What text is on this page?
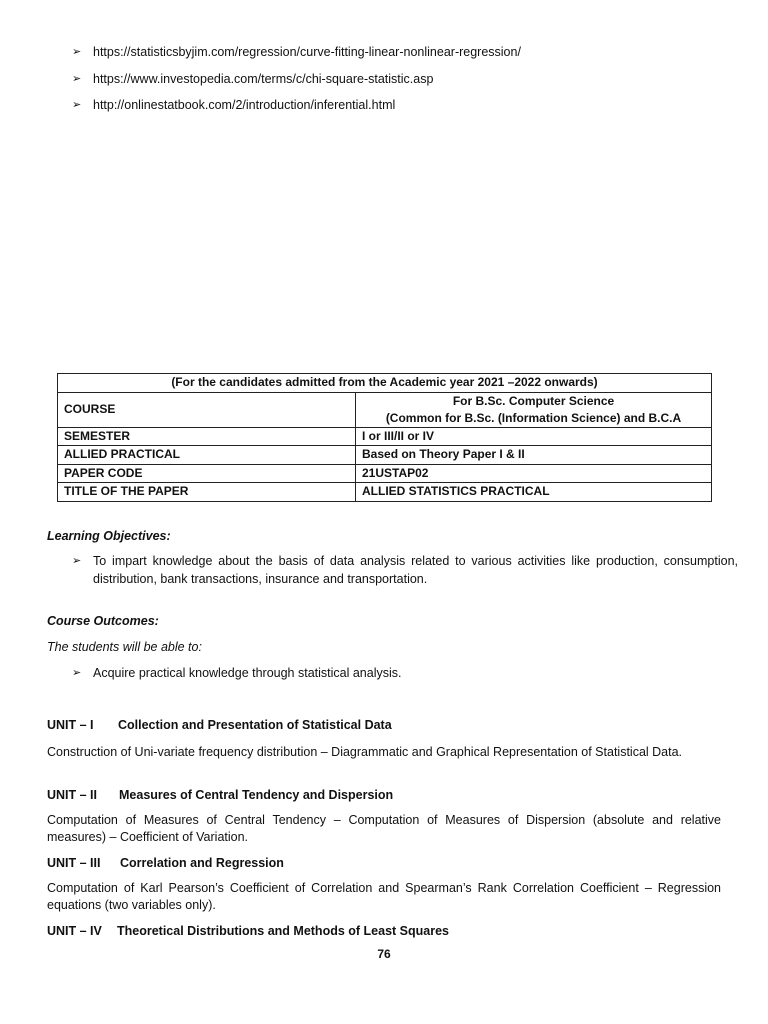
➢ https://statisticsbyjim.com/regression/curve-fitting-linear-nonlinear-regression/
➢ https://www.investopedia.com/terms/c/chi-square-statistic.asp
➢ http://onlinestatbook.com/2/introduction/inferential.html
(For the candidates admitted from the Academic year 2021 –2022 onwards)	
COURSE	For B.Sc. Computer Science
(Common for B.Sc. (Information Science) and B.C.A

SEMESTER	I or III/II or IV
ALLIED PRACTICAL	Based on Theory Paper I & II
PAPER CODE	21USTAP02
TITLE OF THE PAPER	ALLIED STATISTICS PRACTICAL
Learning Objectives:
➢ To impart knowledge about the basis of data analysis related to various activities like production, consumption, distribution, bank transactions, insurance and transportation.
Course Outcomes:
The students will be able to:
➢ Acquire practical knowledge through statistical analysis.
UNIT – I	Collection and Presentation of Statistical Data
Construction of Uni-variate frequency distribution – Diagrammatic and Graphical Representation of Statistical Data.
UNIT – II	Measures of Central Tendency and Dispersion
Computation of Measures of Central Tendency – Computation of Measures of Dispersion (absolute and relative measures) – Coefficient of Variation.
UNIT – III	Correlation and Regression
Computation of Karl Pearson’s Coefficient of Correlation and Spearman’s Rank Correlation Coefficient – Regression equations (two variables only).
UNIT – IV	Theoretical Distributions and Methods of Least Squares
76
